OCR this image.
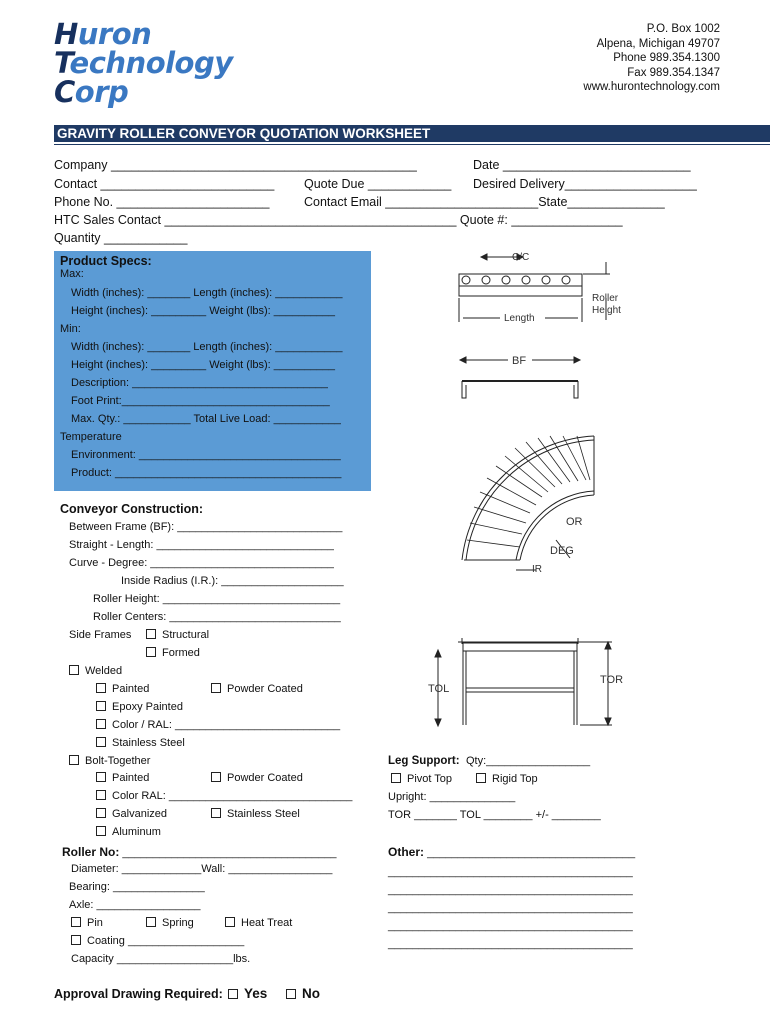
Huron
Technology
Corp
P.O. Box 1002
Alpena, Michigan 49707
Phone 989.354.1300
Fax 989.354.1347
www.hurontechnology.com
GRAVITY ROLLER CONVEYOR QUOTATION WORKSHEET
Company ____________________________________________	Date ___________________________
Contact _________________________ Quote Due ____________ Desired Delivery___________________
Phone No. ______________________	Contact Email ______________________State______________
HTC Sales Contact __________________________________________ Quote #: ________________
Quantity ____________
Product Specs:
Max:
Width (inches): _______ Length (inches): ___________
Height (inches): _________ Weight (lbs): __________
Min:
Width (inches): _______ Length (inches): ___________
Height (inches): _________ Weight (lbs): __________
Description: ________________________________
Foot Print:__________________________________
Max. Qty.: ___________ Total Live Load: ___________
Temperature
Environment: _________________________________
Product: _____________________________________
Conveyor Construction:
Between Frame (BF): ___________________________
Straight - Length: _____________________________
Curve - Degree: ______________________________
Inside Radius (I.R.): ____________________
Roller Height: _____________________________
Roller Centers: ____________________________
Side Frames	Structural
Formed
Welded
Painted	Powder Coated
Epoxy Painted
Color / RAL: ___________________________
Stainless Steel
Bolt-Together
Painted	Powder Coated
Color RAL: ______________________________
Galvanized	Stainless Steel
Aluminum
Roller No: ___________________________________
Diameter: _____________Wall: _________________
Bearing: _______________
Axle: _________________
Pin	Spring	Heat Treat
Coating ___________________
Capacity ___________________lbs.
Leg Support: Qty:_________________
Pivot Top	Rigid Top
Upright: ______________
TOR _______ TOL ________ +/- ________
Other: __________________________________
________________________________________
________________________________________
________________________________________
________________________________________
________________________________________
Approval Drawing Required:	Yes	No
C/C
Roller
Height
Length
BF
OR
DEG
IR
TOL
TOR
